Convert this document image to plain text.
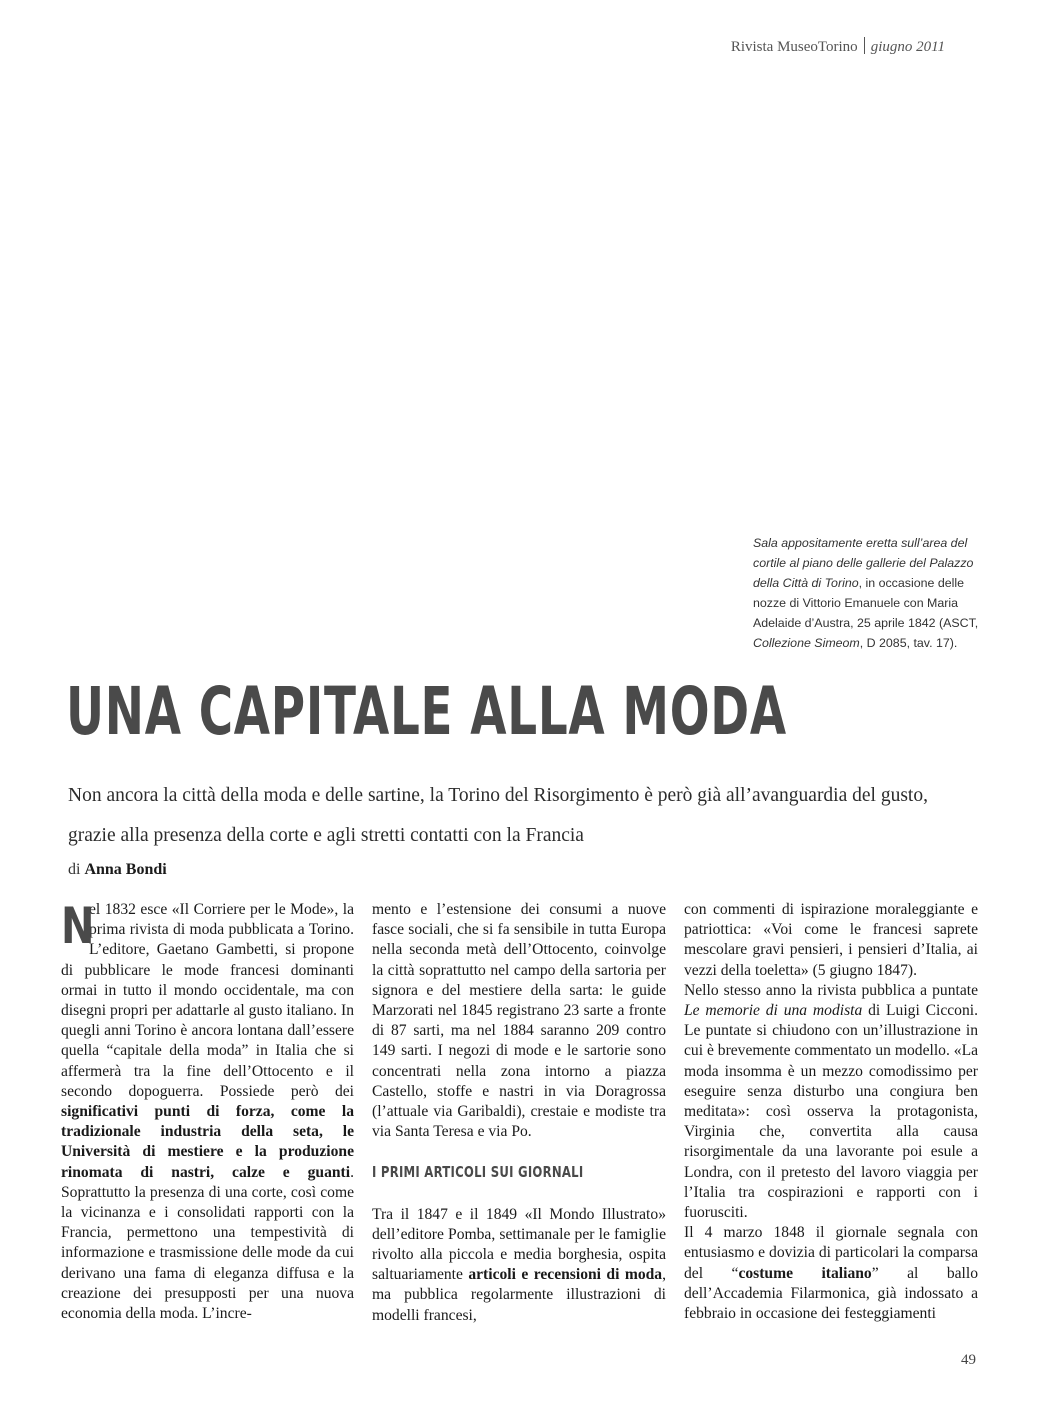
Rivista MuseoTorino giugno 2011
Sala appositamente eretta sull’area del cortile al piano delle gallerie del Palazzo della Città di Torino, in occasione delle nozze di Vittorio Emanuele con Maria Adelaide d’Austra, 25 aprile 1842 (ASCT, Collezione Simeom, D 2085, tav. 17).
UNA CAPITALE ALLA MODA
Non ancora la città della moda e delle sartine, la Torino del Risorgimento è però già all’avanguardia del gusto, grazie alla presenza della corte e agli stretti contatti con la Francia
di Anna Bondi

N
el 1832 esce «Il Corriere per le Mode», la prima rivista di moda pubblicata a Torino. L’editore, Gaetano Gambetti, si propone di pubblicare le mode francesi dominanti ormai in tutto il mondo occidentale, ma con disegni propri per adattarle al gusto italiano. In quegli anni Torino è ancora lontana dall’essere quella “capitale della moda” in Italia che si affermerà tra la fine dell’Ottocento e il secondo dopoguerra. Possiede però dei significativi punti di forza, come la tradizionale industria della seta, le Università di mestiere e la produzione rinomata di nastri, calze e guanti. Soprattutto la presenza di una corte, così come la vicinanza e i consolidati rapporti con la Francia, permettono una tempestività di informazione e trasmissione delle mode da cui derivano una fama di eleganza diffusa e la creazione dei presupposti per una nuova economia della moda. L’incre-

mento e l’estensione dei consumi a nuove fasce sociali, che si fa sensibile in tutta Europa nella seconda metà dell’Ottocento, coinvolge la città soprattutto nel campo della sartoria per signora e del mestiere della sarta: le guide Marzorati nel 1845 registrano 23 sarte a fronte di 87 sarti, ma nel 1884 saranno 209 contro 149 sarti. I negozi di mode e le sartorie sono concentrati nella zona intorno a piazza Castello, stoffe e nastri in via Doragrossa (l’attuale via Garibaldi), crestaie e modiste tra via Santa Teresa e via Po.

I PRIMI ARTICOLI SUI GIORNALI

Tra il 1847 e il 1849 «Il Mondo Illustrato» dell’editore Pomba, settimanale per le famiglie rivolto alla piccola e media borghesia, ospita saltuariamente articoli e recensioni di moda, ma pubblica regolarmente illustrazioni di modelli francesi,

con commenti di ispirazione moraleggiante e patriottica: «Voi come le francesi saprete mescolare gravi pensieri, i pensieri d’Italia, ai vezzi della toeletta» (5 giugno 1847).

Nello stesso anno la rivista pubblica a puntate Le memorie di una modista di Luigi Cicconi. Le puntate si chiudono con un’illustrazione in cui è brevemente commentato un modello. «La moda insomma è un mezzo comodissimo per eseguire senza disturbo una congiura ben meditata»: così osserva la protagonista, Virginia che, convertita alla causa risorgimentale da una lavorante poi esule a Londra, con il pretesto del lavoro viaggia per l’Italia tra cospirazioni e rapporti con i fuorusciti.

Il 4 marzo 1848 il giornale segnala con entusiasmo e dovizia di particolari la comparsa del “costume italiano” al ballo dell’Accademia Filarmonica, già indossato a febbraio in occasione dei festeggiamenti

49
